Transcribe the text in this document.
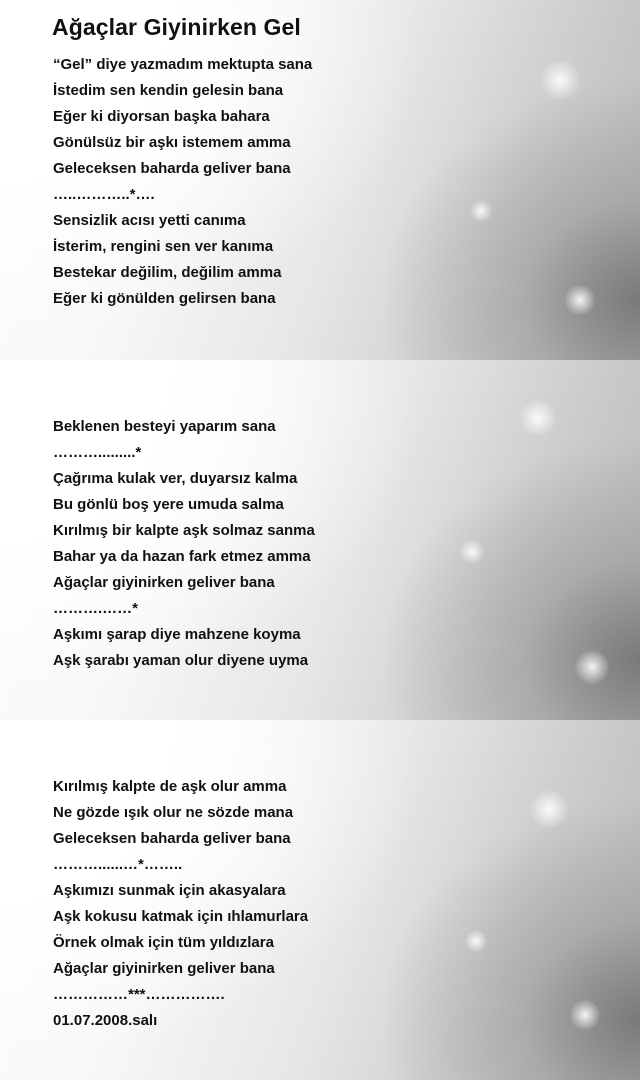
Ağaçlar Giyinirken Gel
“Gel” diye yazmadım mektupta sana
İstedim sen kendin gelesin bana
Eğer ki diyorsan başka bahara
Gönülsüz bir aşkı istemem amma
Geleceksen baharda geliver bana
…..………..*….
Sensizlik acısı yetti canıma
İsterim, rengini sen ver kanıma
Bestekar değilim, değilim amma
Eğer ki gönülden gelirsen bana
Beklenen besteyi yaparım sana
……….........*
Çağrıma kulak ver, duyarsız kalma
Bu gönlü boş yere umuda salma
Kırılmış bir kalpte aşk solmaz sanma
Bahar ya da hazan fark etmez amma
Ağaçlar giyinirken geliver bana
……….……*
Aşkımı şarap diye mahzene koyma
Aşk şarabı yaman olur diyene uyma
Kırılmış kalpte de aşk olur amma
Ne gözde ışık olur ne sözde mana
Geleceksen baharda geliver bana
………......…*……..
Aşkımızı sunmak için akasyalara
Aşk kokusu katmak için ıhlamurlara
Örnek olmak için tüm yıldızlara
Ağaçlar giyinirken geliver bana
……………***…………….
01.07.2008.salı
